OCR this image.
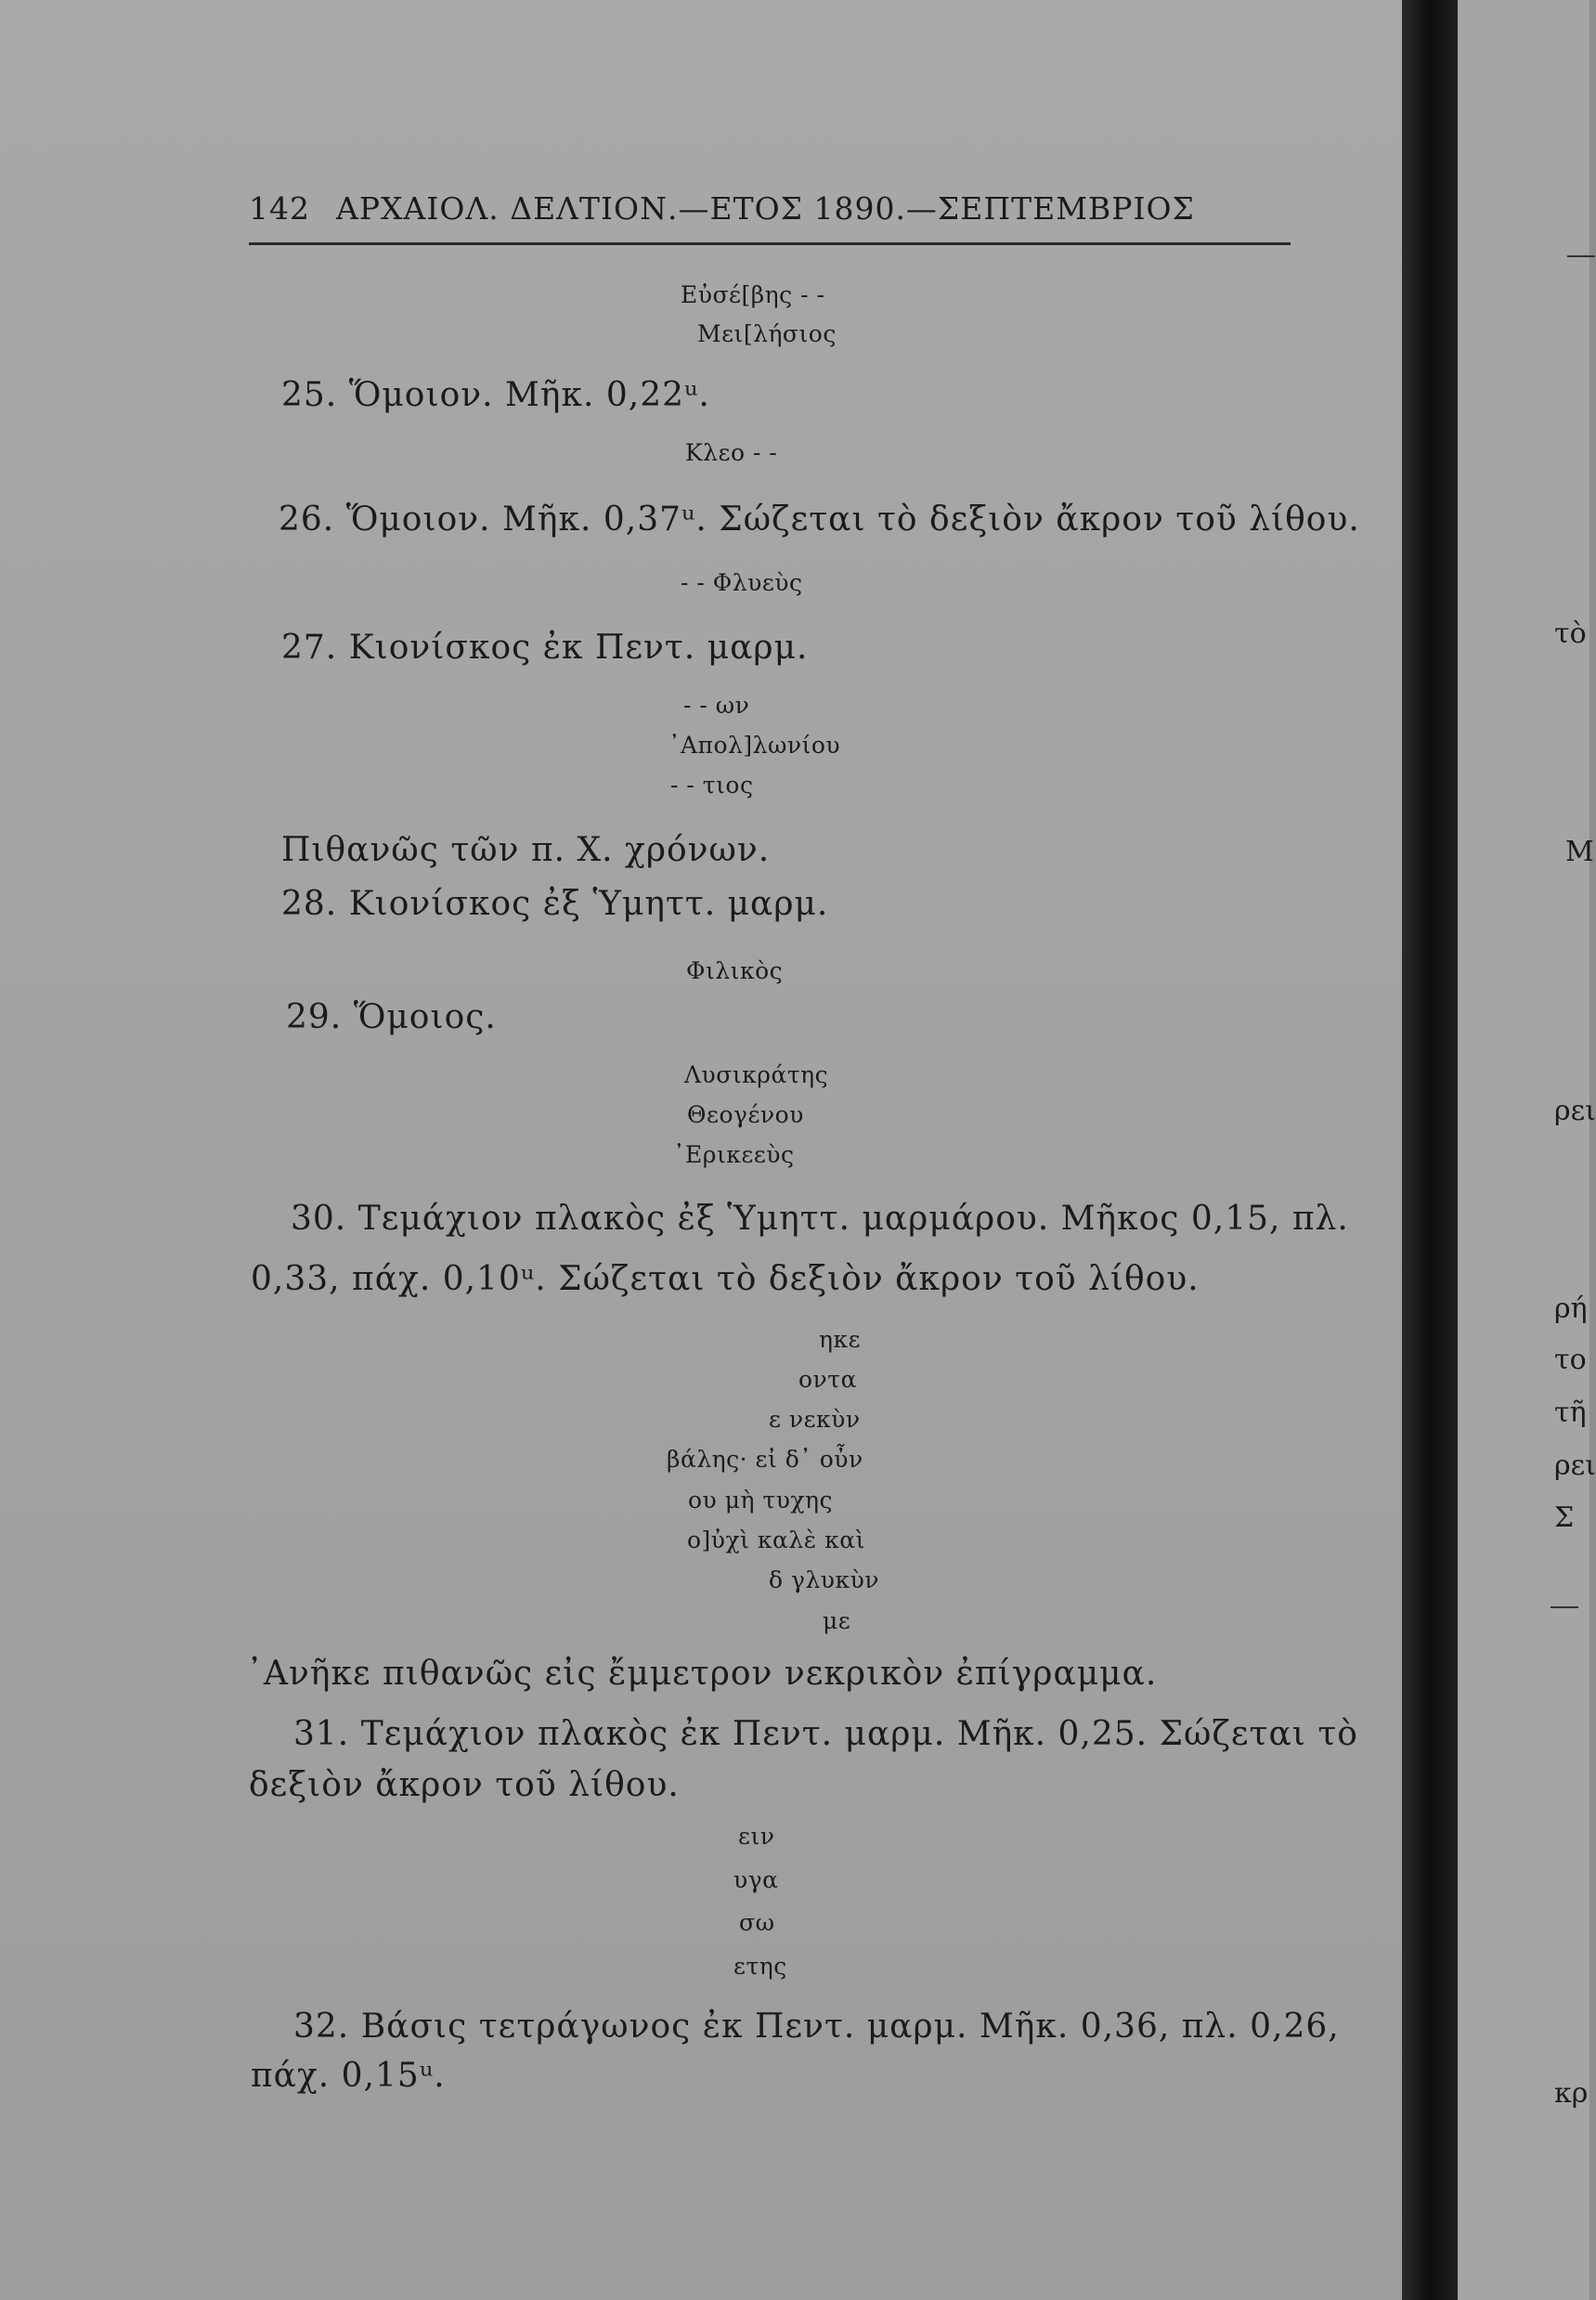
142 ΑΡΧΑΙΟΛ. ΔΕΛΤΙΟΝ.—ΕΤΟΣ 1890.—ΣΕΠΤΕΜΒΡΙΟΣ
Εὐσέ[βης - -
Μει[λήσιος
25. Ὅμοιον. Μῆκ. 0,22ᵘ.
Κλεο - -
26. Ὅμοιον. Μῆκ. 0,37ᵘ. Σώζεται τὸ δεξιὸν ἄκρον τοῦ λίθου.
- - Φλυεὺς
27. Κιονίσκος ἐκ Πεντ. μαρμ.
- - ων
᾿Απολ]λωνίου
- - τιος
Πιθανῶς τῶν π. Χ. χρόνων.
28. Κιονίσκος ἐξ Ὑμηττ. μαρμ.
Φιλικὸς
29. Ὅμοιος.
Λυσικράτης
Θεογένου
᾿Ερικεεὺς
30. Τεμάχιον πλακὸς ἐξ Ὑμηττ. μαρμάρου. Μῆκος 0,15, πλ.
0,33, πάχ. 0,10ᵘ. Σώζεται τὸ δεξιὸν ἄκρον τοῦ λίθου.
ηκε
οντα
ε νεκὺν
βάλης· εἰ δ᾿ οὖν
ου μὴ τυχης
ο]ὐχὶ καλὲ καὶ
δ γλυκὺν
με
᾿Ανῆκε πιθανῶς εἰς ἔμμετρον νεκρικὸν ἐπίγραμμα.
31. Τεμάχιον πλακὸς ἐκ Πεντ. μαρμ. Μῆκ. 0,25. Σώζεται τὸ
δεξιὸν ἄκρον τοῦ λίθου.
ειν
υγα
σω
ετης
32. Βάσις τετράγωνος ἐκ Πεντ. μαρμ. Μῆκ. 0,36, πλ. 0,26,
πάχ. 0,15ᵘ.
τὸ
Μ
ρει
ρή
το
τῆ
ρει
Σ
κρ
